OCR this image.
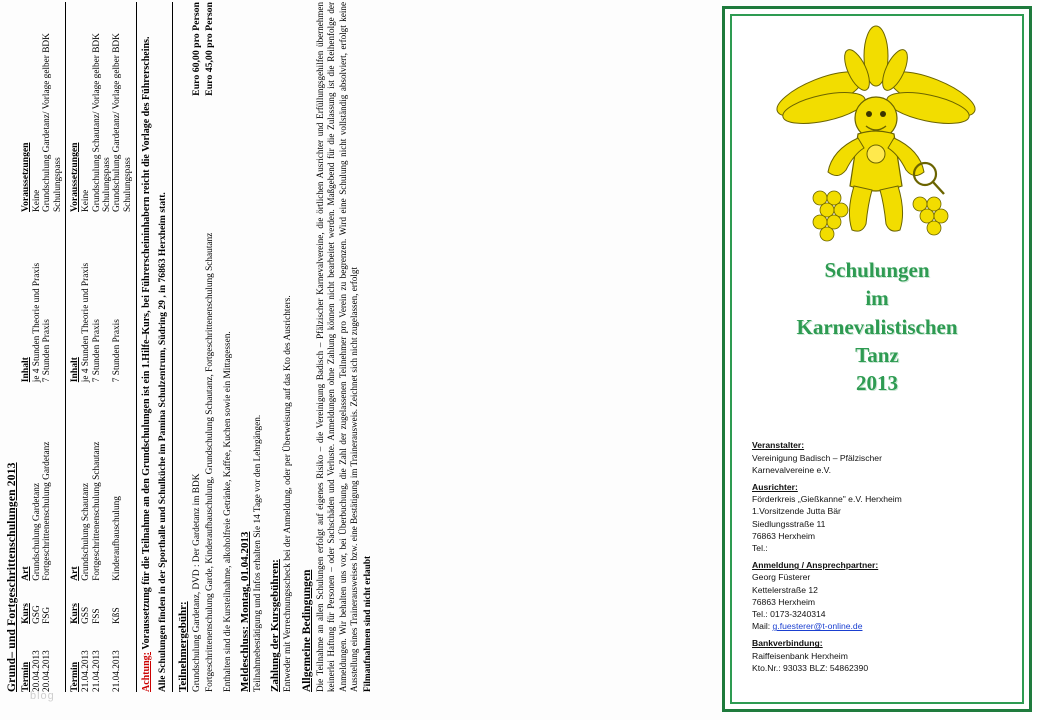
Grund– und Fortgeschrittenschulungen 2013 Termin	Kurs	Art	Inhalt	Voraussetzungen
20.04.2013	GSG	Grundschulung Gardetanz	je 4 Stunden Theorie und Praxis	Keine
20.04.2013	FSG	Fortgeschrittenenschulung Gardetanz	7 Stunden Praxis	Grundschulung Gardetanz/ Vorlage gelber BDK Schulungspass
Termin	Kurs	Art	Inhalt	Voraussetzungen
21.04.2013	GSS	Grundschulung Schautanz	je 4 Stunden Theorie und Praxis	Keine
21.04.2013	FSS	Fortgeschrittenenschulung Schautanz	7 Stunden Praxis	Grundschulung Schautanz/ Vorlage gelber BDK Schulungspass
21.04.2013	KßS	Kinderaufbauschulung	7 Stunden Praxis	Grundschulung Gardetanz/ Vorlage gelber BDK Schulungspass

Achtung: Voraussetzung für die Teilnahme an den Grundschulungen ist ein 1.Hilfe–Kurs, bei Führerscheininhabern reicht die Vorlage des Führerscheins. Alle Schulungen finden in der Sporthalle und Schulküche im Pamina Schulzentrum, Südring 29 , in 76863 Herxheim statt. Teilnehmergebühr: Grundschulung Gardetanz, DVD : Der Gardetanz im BDK
Euro 60,00 pro Person
Fortgeschrittenenschulung Garde, Kinderaufbauschulung, Grundschulung Schautanz, Fortgeschrittenenschulung Schautanz
Euro 45,00 pro Person

Enthalten sind die Kursteilnahme, alkoholfreie Getränke, Kaffee, Kuchen sowie ein Mittagessen. Meldeschluss: Montag, 01.04.2013 Teilnahmebestätigung und Infos erhalten Sie 14 Tage vor den Lehrgängen. Zahlung der Kursgebühren: Entweder mit Verrechnungsscheck bei der Anmeldung, oder per Überweisung auf das Kto des Ausrichters. Allgemeine Bedingungen Die Teilnahme an allen Schulungen erfolgt auf eigenes Risiko – die Vereinigung Badisch – Pfälzischer Karnevalvereine, die örtlichen Ausrichter und Erfüllungsgehilfen übernehmen keinerlei Haftung für Personen – oder Sachschäden und Verluste. Anmeldungen ohne Zahlung können nicht bearbeitet werden. Maßgebend für die Zulassung ist die Reihenfolge der Anmeldungen. Wir behalten uns vor, bei Überbuchung, die Zahl der zugelassenen Teilnehmer pro Verein zu begrenzen. Wird eine Schulung nicht vollständig absolviert, erfolgt keine Ausstellung eines Trainerausweises bzw. eine Bestätigung im Trainerausweis. Zeichnet sich nicht zugelassen, erfolgt Filmaufnahmen sind nicht erlaubt

Schulungen
im
Karnevalistischen
Tanz
2013
Veranstalter:
Vereinigung Badisch – Pfälzischer
Karnevalvereine e.V.
Ausrichter:
Förderkreis „Gießkanne" e.V. Herxheim
1.Vorsitzende Jutta Bär
Siedlungsstraße 11
76863 Herxheim
Tel.:
Anmeldung / Ansprechpartner:
Georg Füsterer
Kettelerstraße 12
76863 Herxheim
Tel.: 0173-3240314
Mail: g.fuesterer@t-online.de
Bankverbindung:
Raiffeisenbank Herxheim
Kto.Nr.: 93033 BLZ: 54862390
blog
